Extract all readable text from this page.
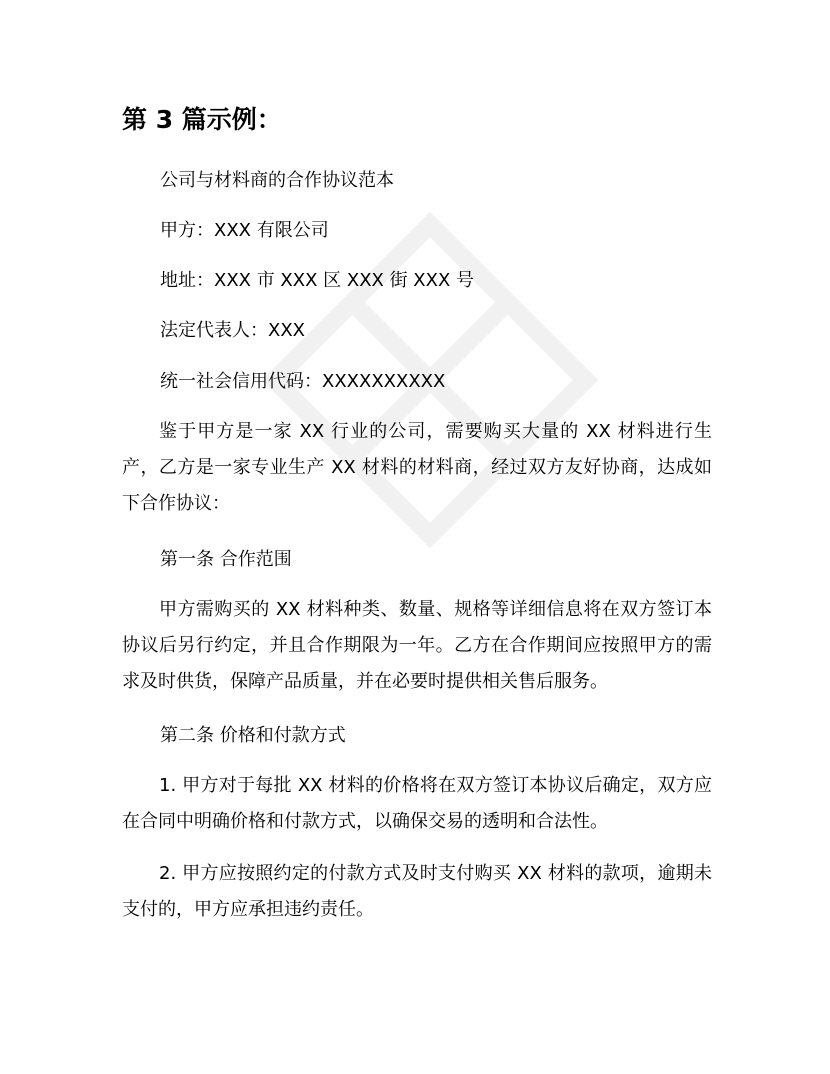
第 3 篇示例：
公司与材料商的合作协议范本
甲方：XXX 有限公司
地址：XXX 市 XXX 区 XXX 街 XXX 号
法定代表人：XXX
统一社会信用代码：XXXXXXXXXX
鉴于甲方是一家 XX 行业的公司，需要购买大量的 XX 材料进行生产，乙方是一家专业生产 XX 材料的材料商，经过双方友好协商，达成如下合作协议：
第一条 合作范围
甲方需购买的 XX 材料种类、数量、规格等详细信息将在双方签订本协议后另行约定，并且合作期限为一年。乙方在合作期间应按照甲方的需求及时供货，保障产品质量，并在必要时提供相关售后服务。
第二条 价格和付款方式
1. 甲方对于每批 XX 材料的价格将在双方签订本协议后确定，双方应在合同中明确价格和付款方式，以确保交易的透明和合法性。
2. 甲方应按照约定的付款方式及时支付购买 XX 材料的款项，逾期未支付的，甲方应承担违约责任。
